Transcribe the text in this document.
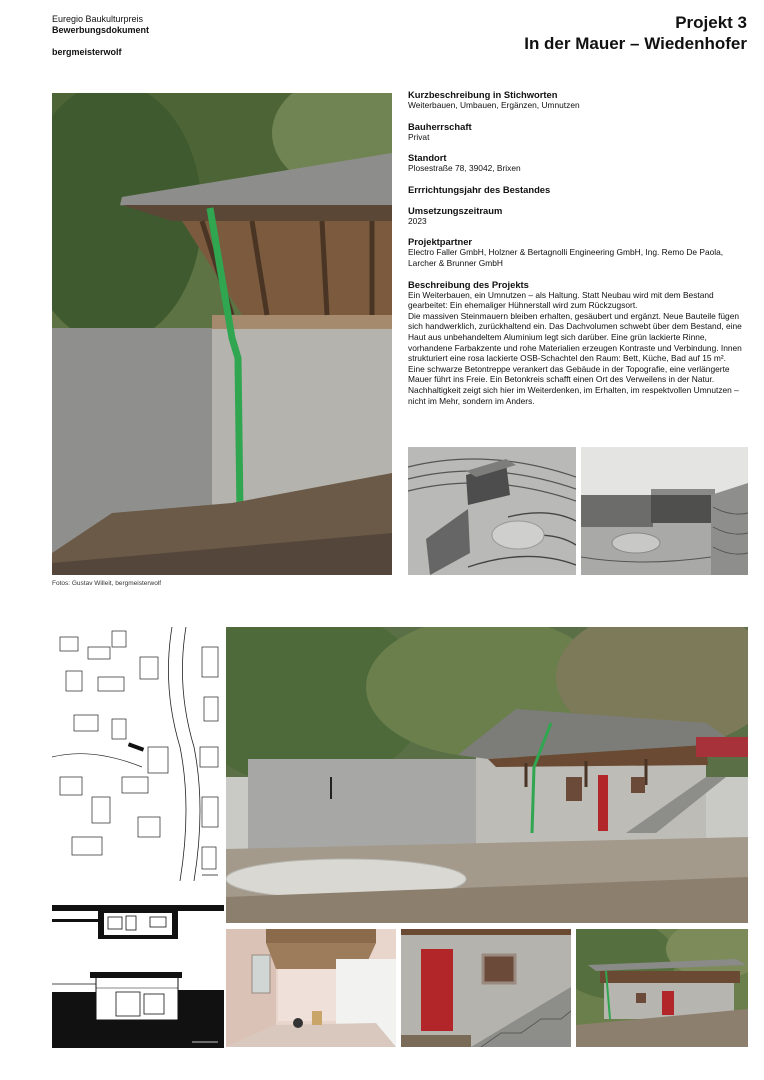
Euregio Baukulturpreis
Bewerbungsdokument
bergmeisterwolf
Projekt 3
In der Mauer – Wiedenhofer
Fotos: Gustav Willeit, bergmeisterwolf
Kurzbeschreibung in Stichworten

Weiterbauen, Umbauen, Ergänzen, Umnutzen

Bauherrschaft

Privat

Standort

Plosestraße 78, 39042, Brixen

Errrichtungsjahr des Bestandes
Umsetzungszeitraum

2023

Projektpartner

Electro Faller GmbH, Holzner & Bertagnolli Engineering GmbH, Ing. Remo De Paola, Larcher & Brunner GmbH

Beschreibung des Projekts

Ein Weiterbauen, ein Umnutzen – als Haltung. Statt Neubau wird mit dem Bestand gearbeitet: Ein ehemaliger Hühnerstall wird zum Rückzugsort.

Die massiven Steinmauern bleiben erhalten, gesäubert und ergänzt. Neue Bauteile fügen sich handwerklich, zurückhaltend ein. Das Dachvolumen schwebt über dem Bestand, eine Haut aus unbehandeltem Aluminium legt sich darüber. Eine grün lackierte Rinne, vorhandene Farbakzente und rohe Materialien erzeugen Kontraste und Verbindung. Innen strukturiert eine rosa lackierte OSB-Schachtel den Raum: Bett, Küche, Bad auf 15 m². Eine schwarze Betontreppe verankert das Gebäude in der Topografie, eine verlängerte Mauer führt ins Freie. Ein Betonkreis schafft einen Ort des Verweilens in der Natur.

Nachhaltigkeit zeigt sich hier im Weiterdenken, im Erhalten, im respektvollen Umnutzen – nicht im Mehr, sondern im Anders.
